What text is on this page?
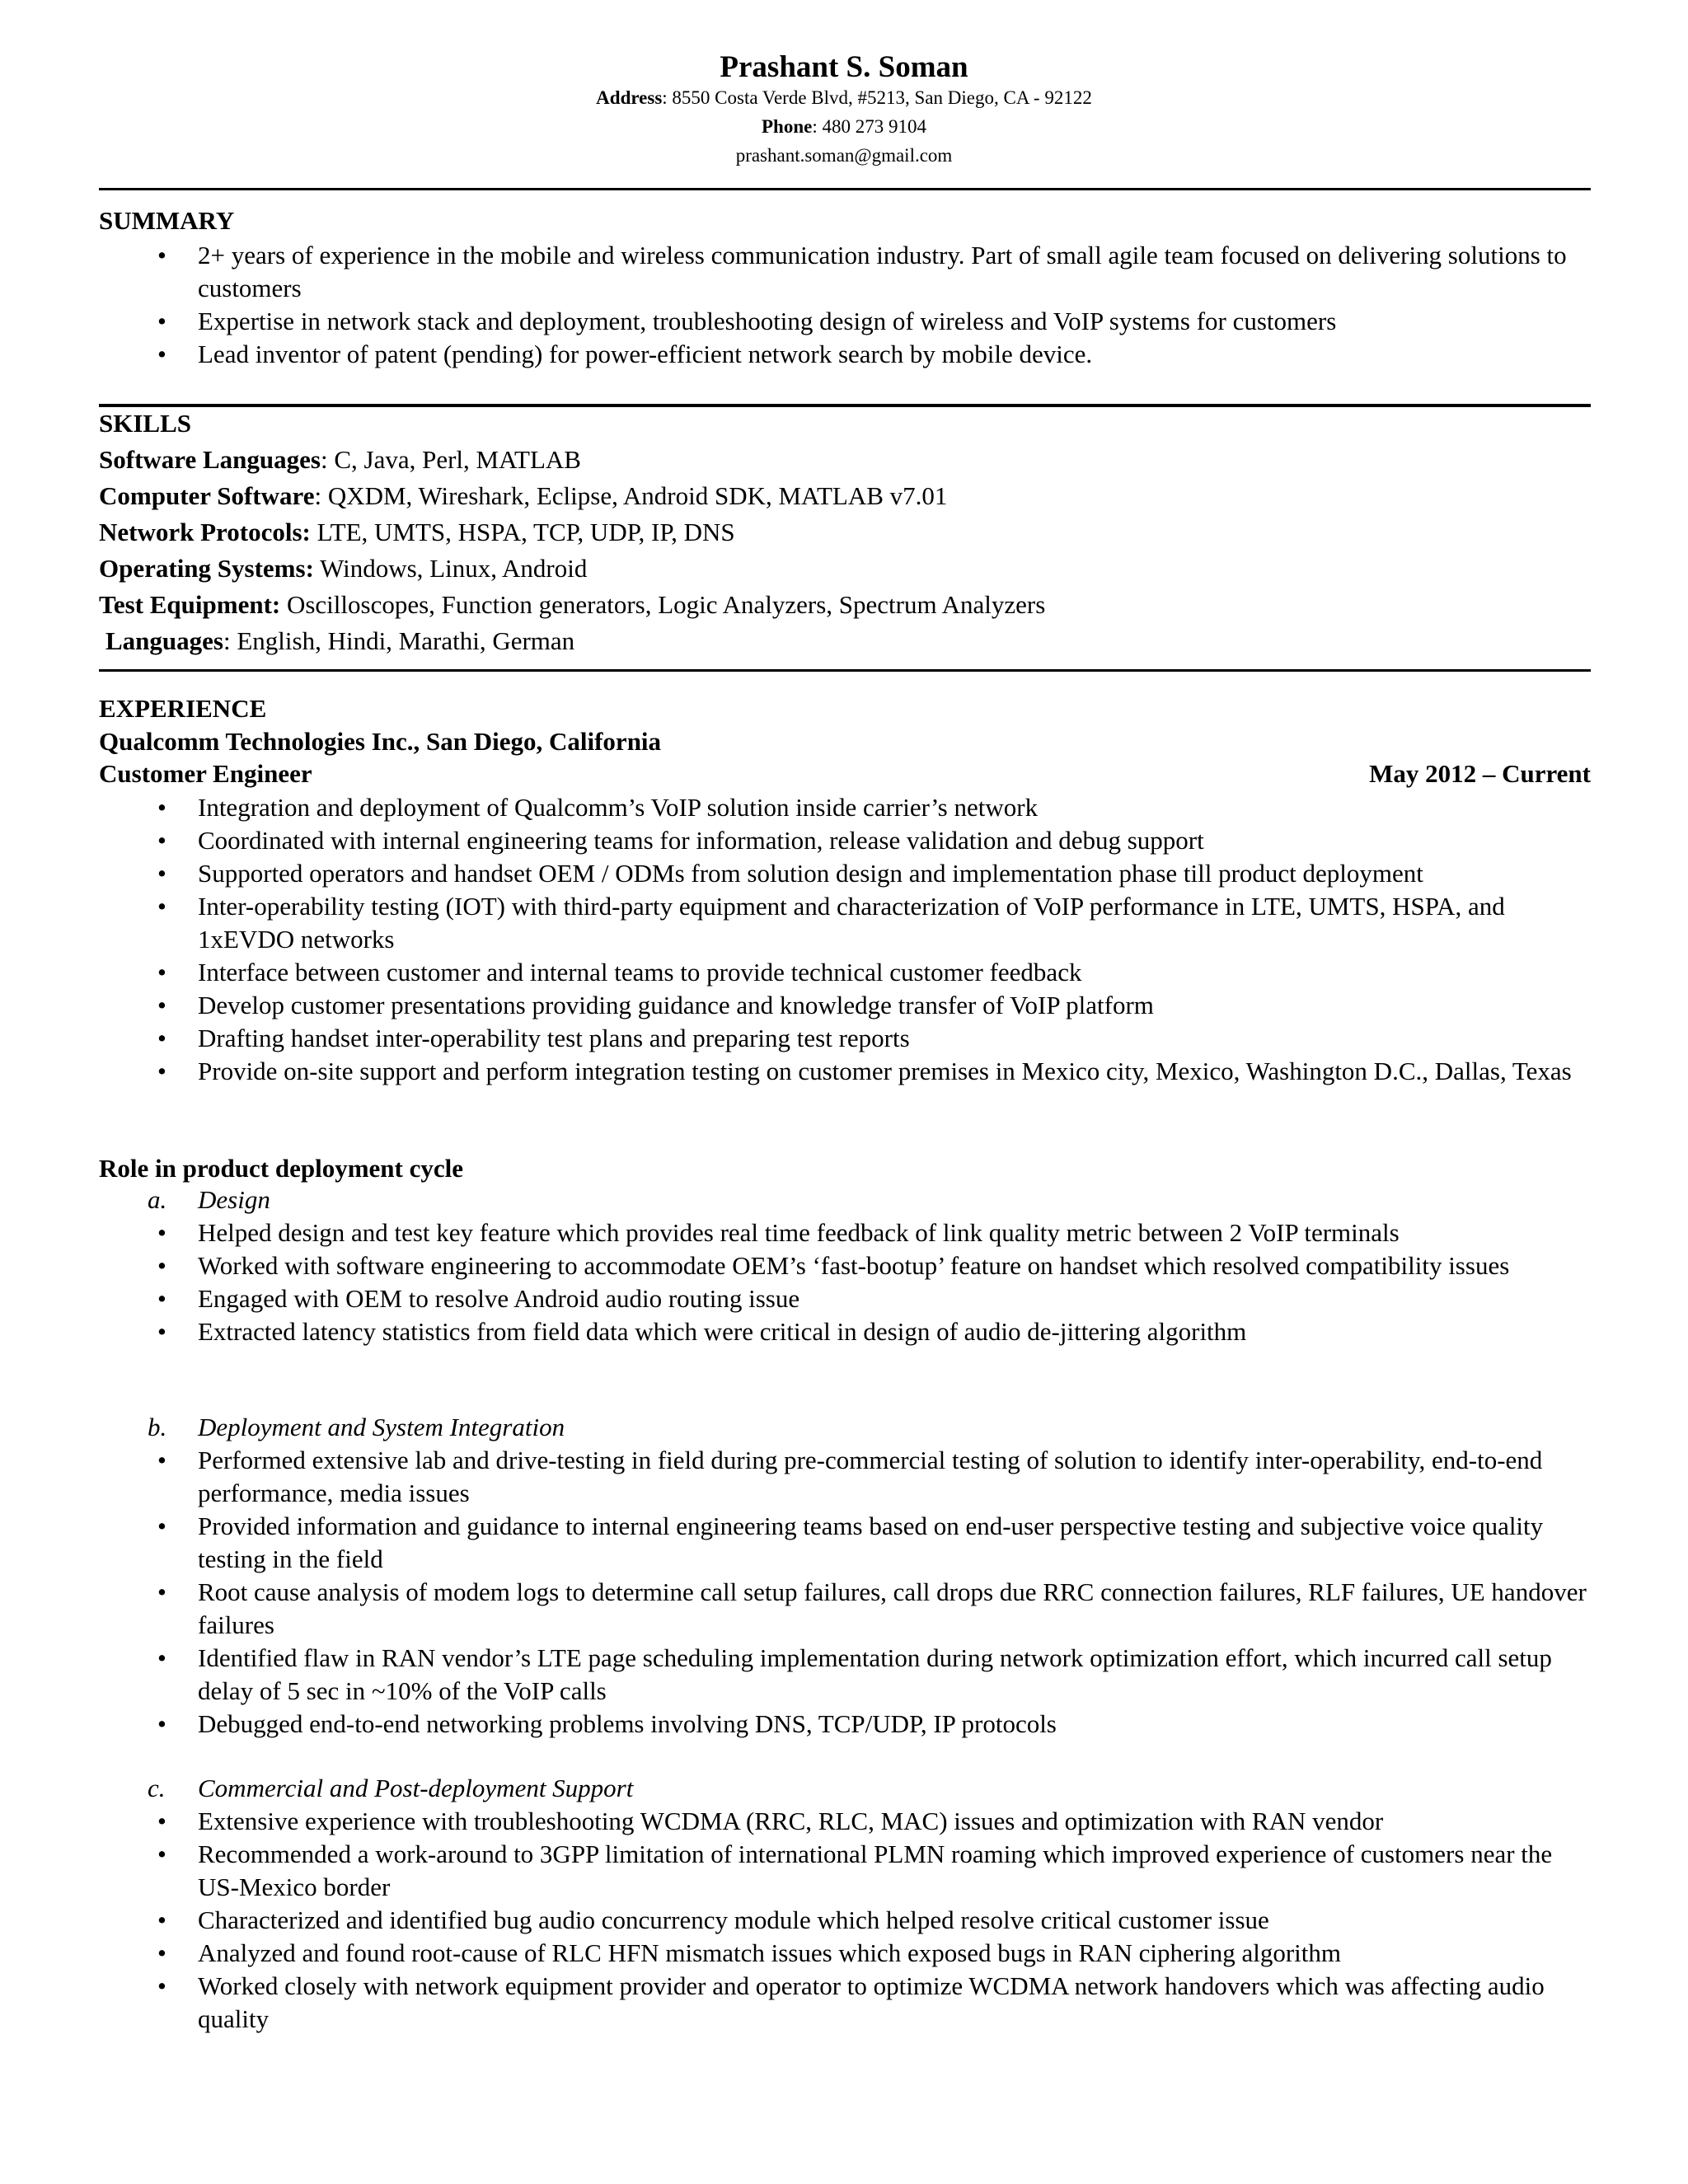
Prashant S. Soman
Address: 8550 Costa Verde Blvd, #5213, San Diego, CA - 92122
Phone: 480 273 9104
prashant.soman@gmail.com
SUMMARY
• 2+ years of experience in the mobile and wireless communication industry. Part of small agile team focused on delivering solutions to customers
• Expertise in network stack and deployment, troubleshooting design of wireless and VoIP systems for customers
• Lead inventor of patent (pending) for power-efficient network search by mobile device.
SKILLS
Software Languages: C, Java, Perl, MATLAB
Computer Software: QXDM, Wireshark, Eclipse, Android SDK, MATLAB v7.01
Network Protocols: LTE, UMTS, HSPA, TCP, UDP, IP, DNS
Operating Systems: Windows, Linux, Android
Test Equipment: Oscilloscopes, Function generators, Logic Analyzers, Spectrum Analyzers
Languages: English, Hindi, Marathi, German
EXPERIENCE
Qualcomm Technologies Inc., San Diego, California
Customer Engineer	May 2012 – Current
• Integration and deployment of Qualcomm’s VoIP solution inside carrier’s network
• Coordinated with internal engineering teams for information, release validation and debug support
• Supported operators and handset OEM / ODMs from solution design and implementation phase till product deployment
• Inter-operability testing (IOT) with third-party equipment and characterization of VoIP performance in LTE, UMTS, HSPA, and 1xEVDO networks
• Interface between customer and internal teams to provide technical customer feedback
• Develop customer presentations providing guidance and knowledge transfer of VoIP platform
• Drafting handset inter-operability test plans and preparing test reports
• Provide on-site support and perform integration testing on customer premises in Mexico city, Mexico, Washington D.C., Dallas, Texas
Role in product deployment cycle
a. Design
• Helped design and test key feature which provides real time feedback of link quality metric between 2 VoIP terminals
• Worked with software engineering to accommodate OEM’s ‘fast-bootup’ feature on handset which resolved compatibility issues
• Engaged with OEM to resolve Android audio routing issue
• Extracted latency statistics from field data which were critical in design of audio de-jittering algorithm
b. Deployment and System Integration
• Performed extensive lab and drive-testing in field during pre-commercial testing of solution to identify inter-operability, end-to-end performance, media issues
• Provided information and guidance to internal engineering teams based on end-user perspective testing and subjective voice quality testing in the field
• Root cause analysis of modem logs to determine call setup failures, call drops due RRC connection failures, RLF failures, UE handover failures
• Identified flaw in RAN vendor’s LTE page scheduling implementation during network optimization effort, which incurred call setup delay of 5 sec in ~10% of the VoIP calls
• Debugged end-to-end networking problems involving DNS, TCP/UDP, IP protocols
c. Commercial and Post-deployment Support
• Extensive experience with troubleshooting WCDMA (RRC, RLC, MAC) issues and optimization with RAN vendor
• Recommended a work-around to 3GPP limitation of international PLMN roaming which improved experience of customers near the US-Mexico border
• Characterized and identified bug audio concurrency module which helped resolve critical customer issue
• Analyzed and found root-cause of RLC HFN mismatch issues which exposed bugs in RAN ciphering algorithm
• Worked closely with network equipment provider and operator to optimize WCDMA network handovers which was affecting audio quality
